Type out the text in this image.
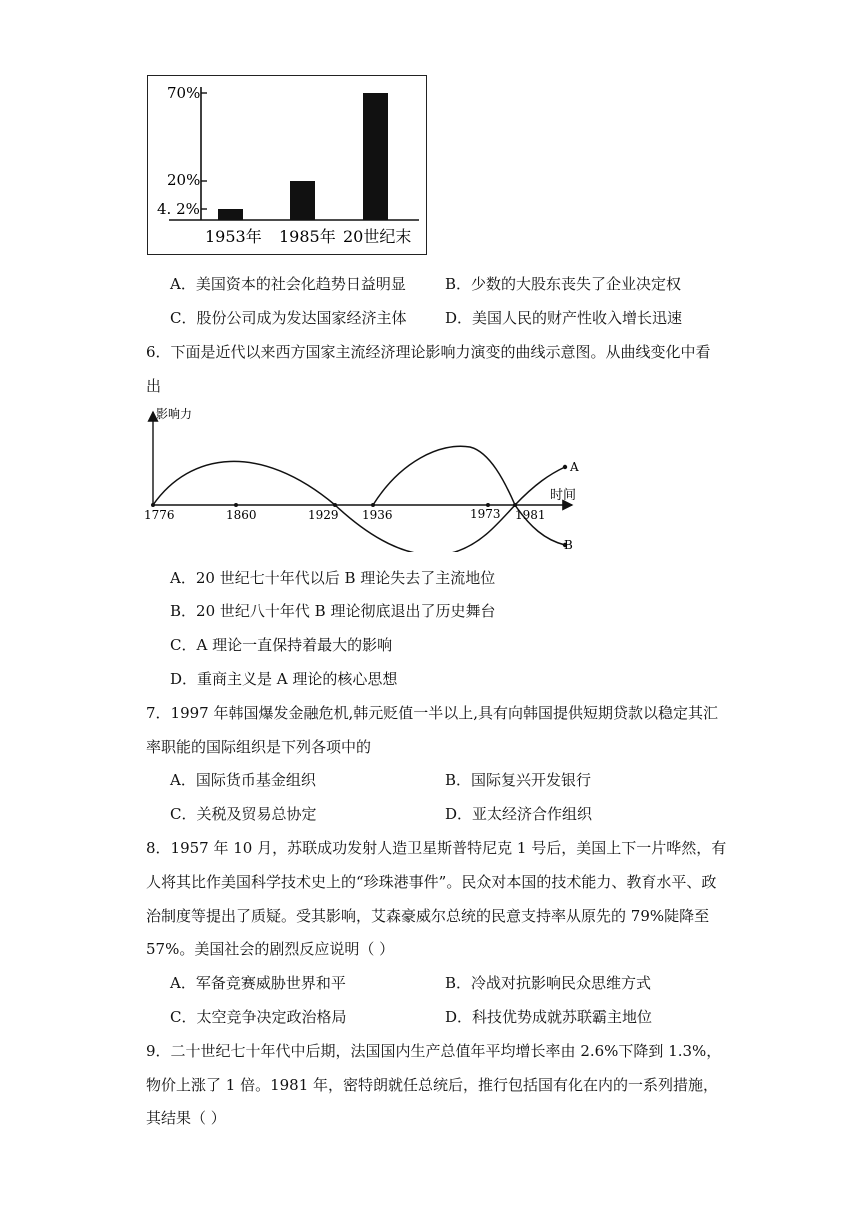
70%
20%
4. 2%
1953年 1985年 20世纪末
A．美国资本的社会化趋势日益明显	B．少数的大股东丧失了企业决定权
C．股份公司成为发达国家经济主体	D．美国人民的财产性收入增长迅速
6．下面是近代以来西方国家主流经济理论影响力演变的曲线示意图。从曲线变化中看
出
影响力
时间
A
B
1776	1860	1929 1936	1973 1981
A．20 世纪七十年代以后 B 理论失去了主流地位
B．20 世纪八十年代 B 理论彻底退出了历史舞台
C．A 理论一直保持着最大的影响
D．重商主义是 A 理论的核心思想
7．1997 年韩国爆发金融危机,韩元贬值一半以上,具有向韩国提供短期贷款以稳定其汇
率职能的国际组织是下列各项中的
A．国际货币基金组织	B．国际复兴开发银行
C．关税及贸易总协定	D．亚太经济合作组织
8．1957 年 10 月，苏联成功发射人造卫星斯普特尼克 1 号后，美国上下一片哗然，有
人将其比作美国科学技术史上的“珍珠港事件”。民众对本国的技术能力、教育水平、政
治制度等提出了质疑。受其影响，艾森豪威尔总统的民意支持率从原先的 79%陡降至
57%。美国社会的剧烈反应说明（ ）
A．军备竞赛威胁世界和平	B．冷战对抗影响民众思维方式
C．太空竞争决定政治格局	D．科技优势成就苏联霸主地位
9．二十世纪七十年代中后期，法国国内生产总值年平均增长率由 2.6%下降到 1.3%，
物价上涨了 1 倍。1981 年，密特朗就任总统后，推行包括国有化在内的一系列措施，
其结果（ ）
